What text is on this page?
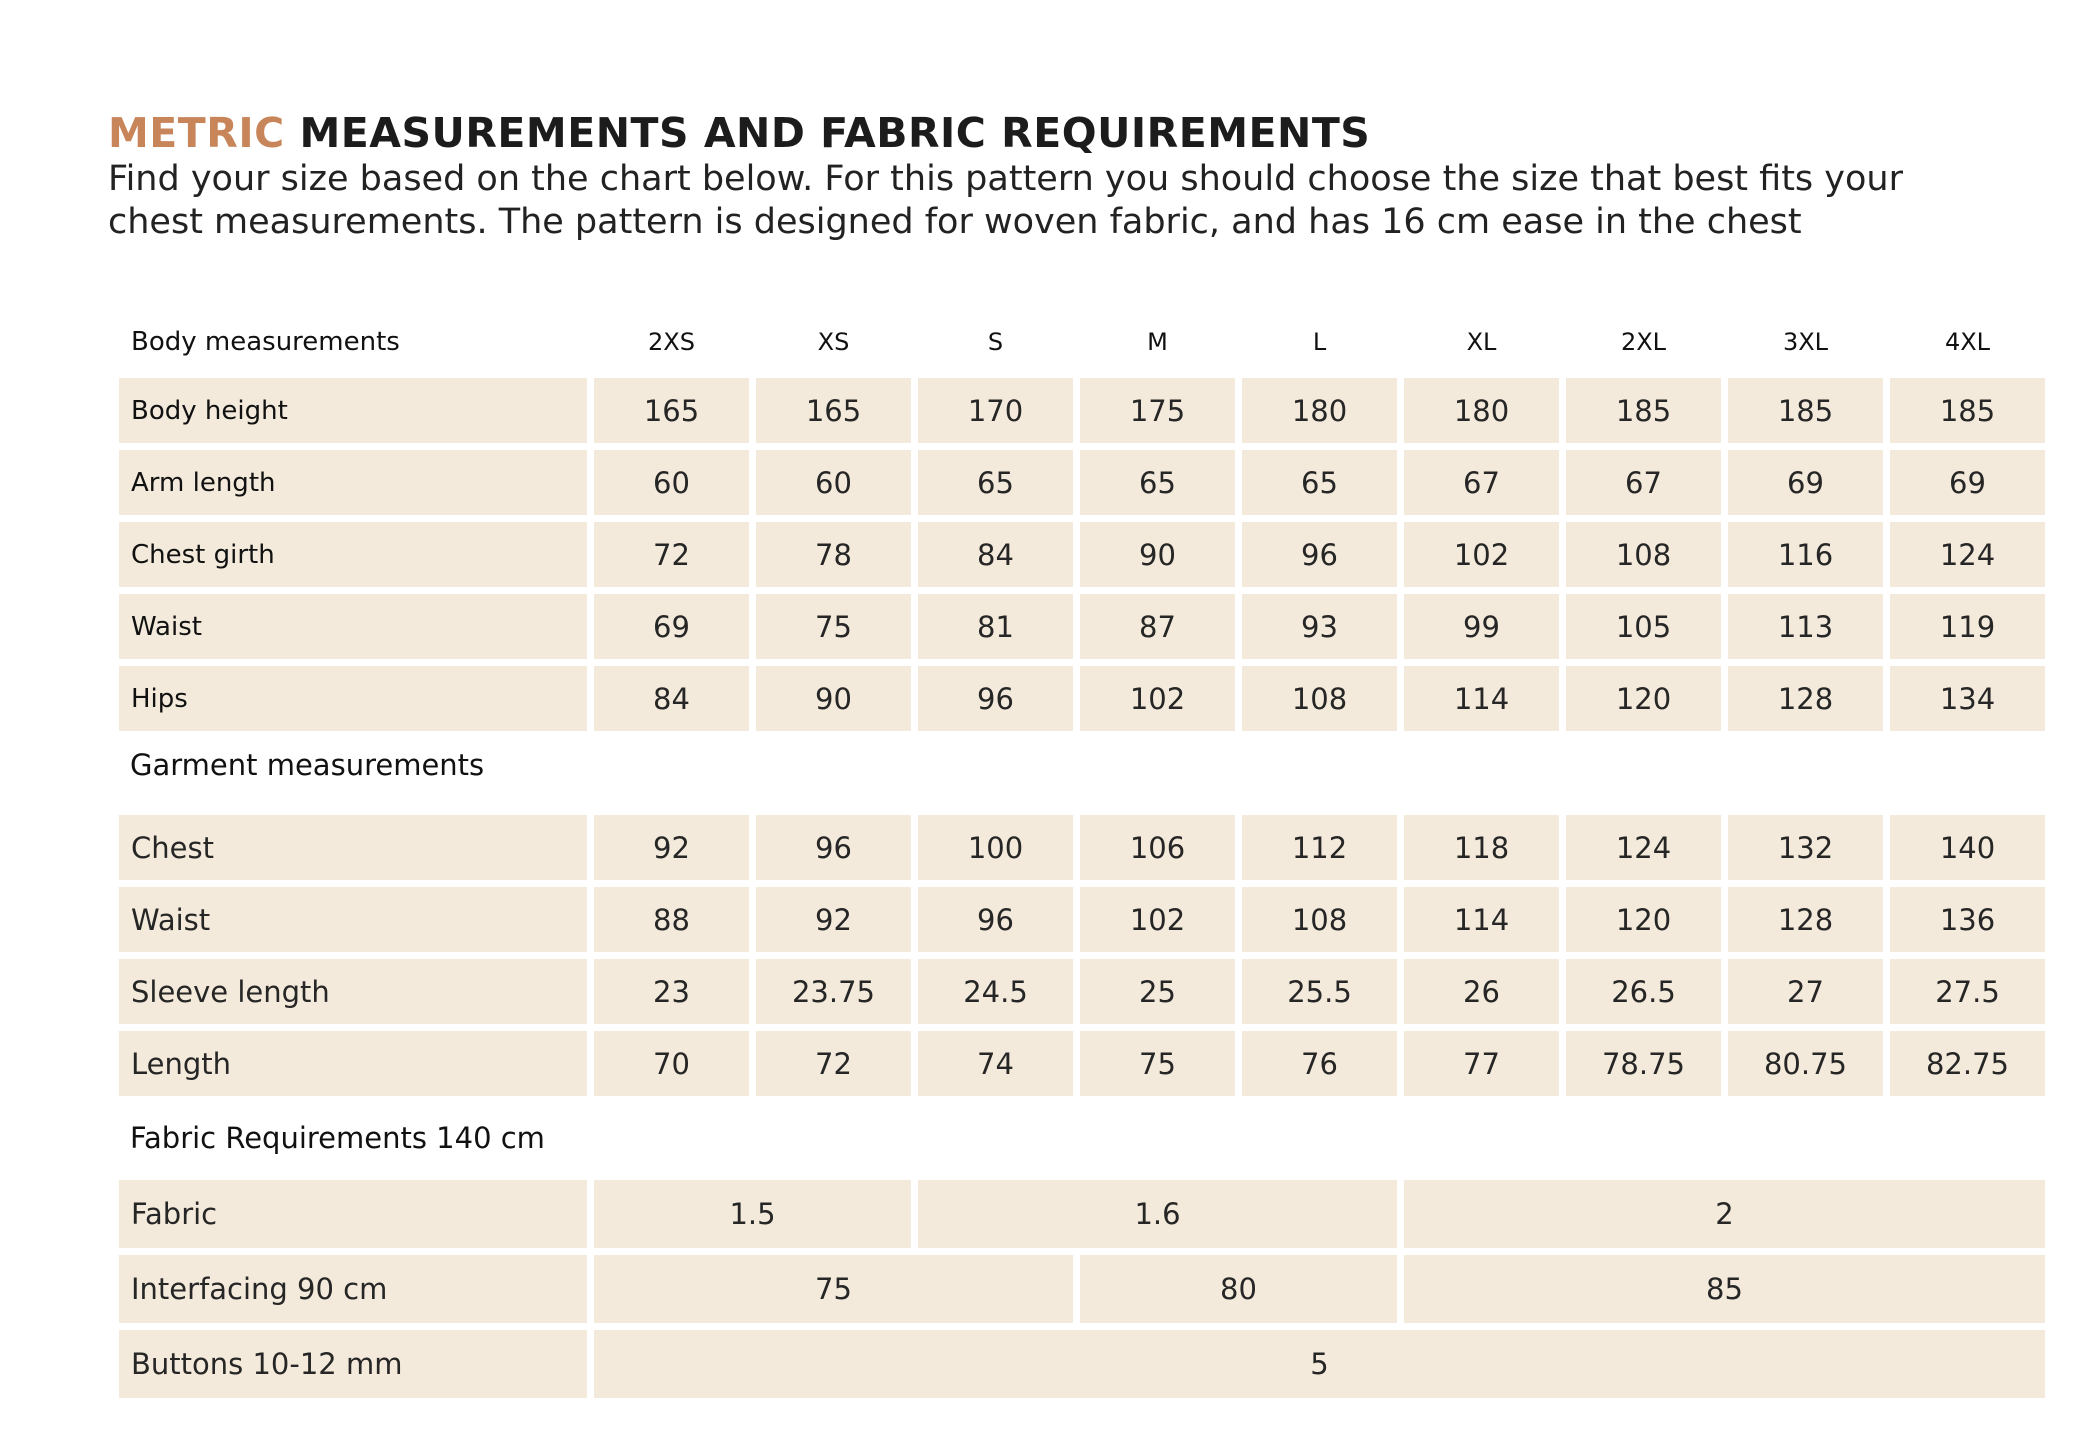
METRIC MEASUREMENTS AND FABRIC REQUIREMENTS

Find your size based on the chart below. For this pattern you should choose the size that best fits your chest measurements. The pattern is designed for woven fabric, and has 16 cm ease in the chest

Body measurements	2XS	XS	S	M	L	XL	2XL	3XL	4XL
Body height	165	165	170	175	180	180	185	185	185
Arm length	60	60	65	65	65	67	67	69	69
Chest girth	72	78	84	90	96	102	108	116	124
Waist	69	75	81	87	93	99	105	113	119
Hips	84	90	96	102	108	114	120	128	134
Garment measurements
Chest	92	96	100	106	112	118	124	132	140
Waist	88	92	96	102	108	114	120	128	136
Sleeve length	23	23.75	24.5	25	25.5	26	26.5	27	27.5
Length	70	72	74	75	76	77	78.75	80.75	82.75
Fabric Requirements 140 cm
Fabric	1.5	1.6		2
Interfacing 90 cm	75		80	85
Buttons 10-12 mm	5			
